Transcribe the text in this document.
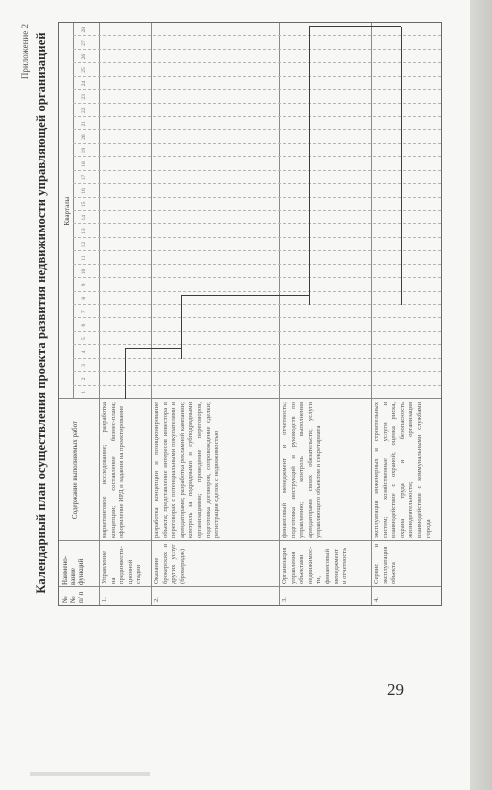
Приложение 2 Календарный план осуществления проекта развития недвижимости управляющей организацией
№ № п/ п
Наимено-вание функций
Содержание выполняемых работ
Кварталы
1.
Управление на прединвести-ционной стадии
маркетинговое исследование; разработка концепции; составление бизнес-плана; оформление ИРД и задания на проектирование
2.
Оказание брокерских и других услуг (брокеридж)
разработка концепции и позиционирование объекта; представление интересов инвестора в переговорах с потенциальными покупателями и арендаторами; разработка рекламной кампании; контроль за подрядными и субподрядными организациями; проведение переговоров, подготовка договоров, сопровождение сделки; регистрация сделок с недвижимостью
3.
Организация управления объектами недвижимос-ти, финансовый менеджмент и отчетность
финансовый менеджмент и отчетность; подготовка инструкций и руководств по управлению; контроль выполнения арендаторами своих обязательств; услуги управляющего объектом и секретариата
4.
Сервис и эксплуатация объекта
эксплуатация инженерных и строительных систем; хозяйственные услуги и взаимодействие с охраной; оценка риска, охрана труда и безопасность жизнедеятельности; организация взаимодействия с коммунальными службами города
1
2
3
4
5
6
7
8
9
10
11
12
13
14
15
16
17
18
19
20
21
22
23
24
25
26
27
28
29
